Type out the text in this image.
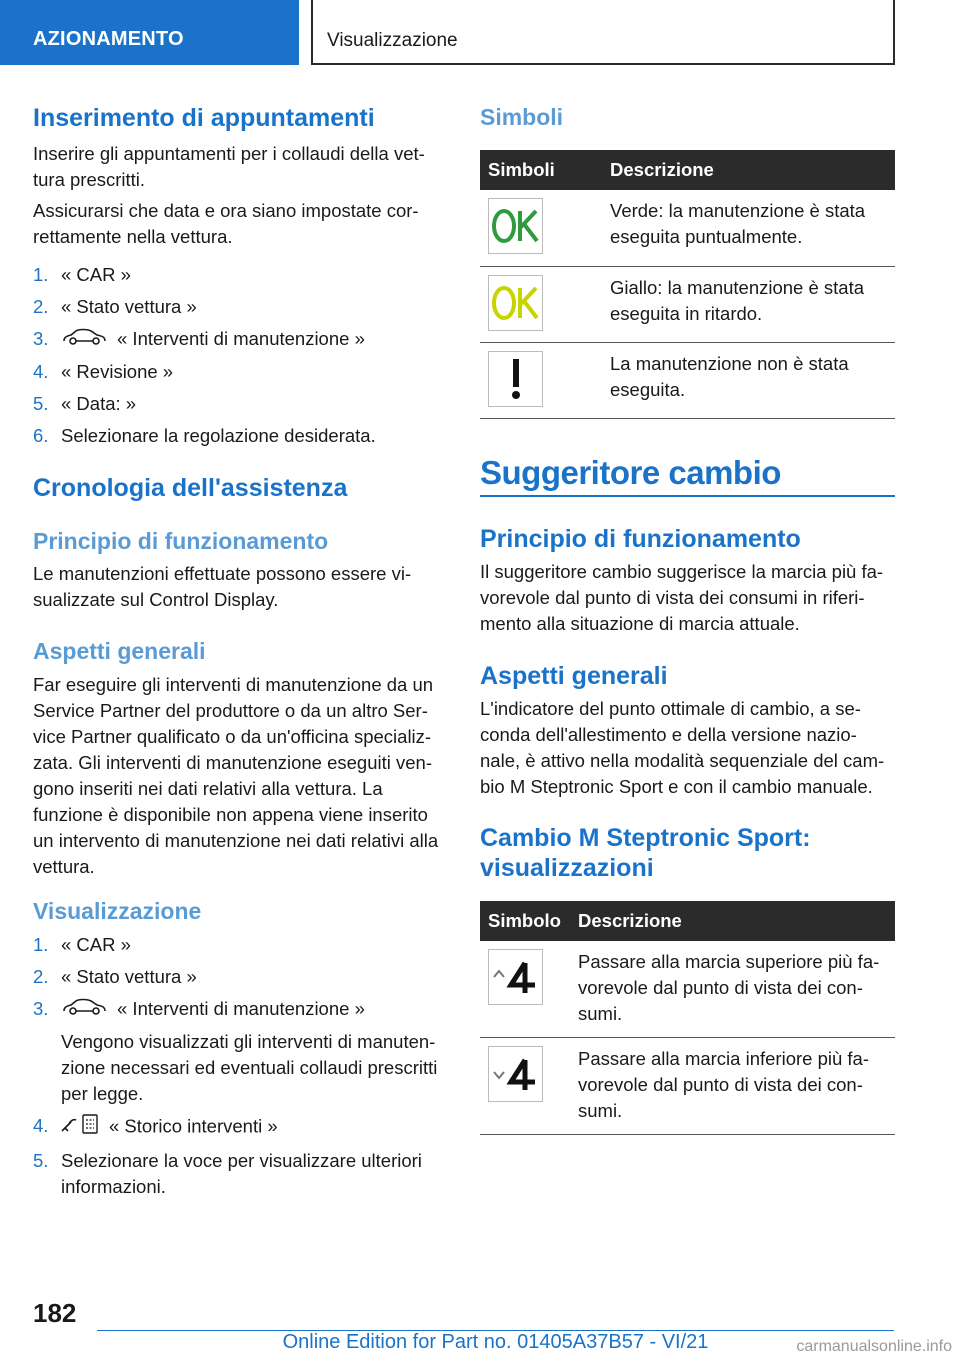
AZIONAMENTO	Visualizzazione
Inserimento di appuntamenti

Inserire gli appuntamenti per i collaudi della vet-tura prescritti.

Assicurarsi che data e ora siano impostate cor-rettamente nella vettura.

1. « CAR »
2. « Stato vettura »
3.	« Interventi di manutenzione »
4. « Revisione »
5. « Data: »
6. Selezionare la regolazione desiderata.
Cronologia dell'assistenza
Principio di funzionamento

Le manutenzioni effettuate possono essere vi-sualizzate sul Control Display.

Aspetti generali

Far eseguire gli interventi di manutenzione da un Service Partner del produttore o da un altro Ser-vice Partner qualificato o da un'officina specializ-zata. Gli interventi di manutenzione eseguiti ven-gono inseriti nei dati relativi alla vettura. La funzione è disponibile non appena viene inserito un intervento di manutenzione nei dati relativi alla vettura.

Visualizzazione
1. « CAR »
2. « Stato vettura »
3.	« Interventi di manutenzione »

Vengono visualizzati gli interventi di manuten-zione necessari ed eventuali collaudi prescritti per legge.
4.	« Storico interventi »
5. Selezionare la voce per visualizzare ulteriori informazioni.
Simboli
Simboli	Descrizione

	Verde: la manutenzione è stata eseguita puntualmente.

	Giallo: la manutenzione è stata eseguita in ritardo.

	La manutenzione non è stata eseguita.
Suggeritore cambio
Principio di funzionamento

Il suggeritore cambio suggerisce la marcia più fa-vorevole dal punto di vista dei consumi in riferi-mento alla situazione di marcia attuale.

Aspetti generali

L'indicatore del punto ottimale di cambio, a se-conda dell'allestimento e della versione nazio-nale, è attivo nella modalità sequenziale del cam-bio M Steptronic Sport e con il cambio manuale.

Cambio M Steptronic Sport: visualizzazioni
Simbolo	Descrizione

	Passare alla marcia superiore più fa-vorevole dal punto di vista dei con-sumi.

	Passare alla marcia inferiore più fa-vorevole dal punto di vista dei con-sumi.
182
Online Edition for Part no. 01405A37B57 - VI/21	carmanualsonline.info
